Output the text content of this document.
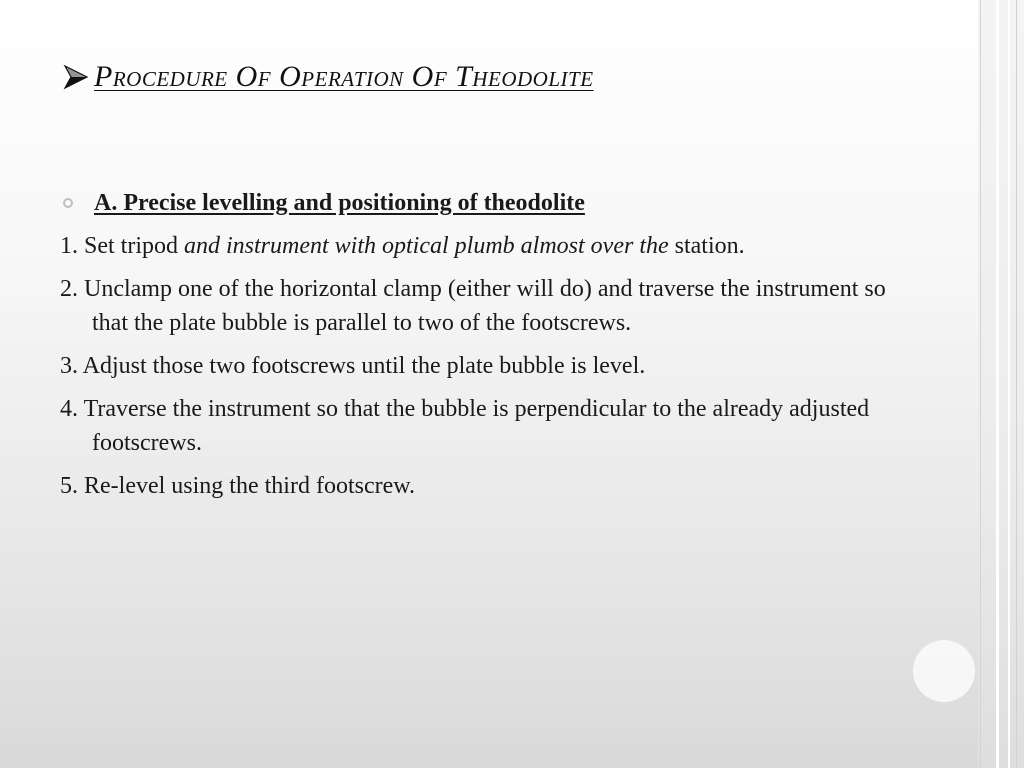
Procedure Of Operation Of Theodolite
A. Precise levelling and positioning of theodolite
1. Set tripod and instrument with optical plumb almost over the station.
2. Unclamp one of the horizontal clamp (either will do) and traverse the instrument so that the plate bubble is parallel to two of the footscrews.
3. Adjust those two footscrews until the plate bubble is level.
4. Traverse the instrument so that the bubble is perpendicular to the already adjusted footscrews.
5. Re-level using the third footscrew.
